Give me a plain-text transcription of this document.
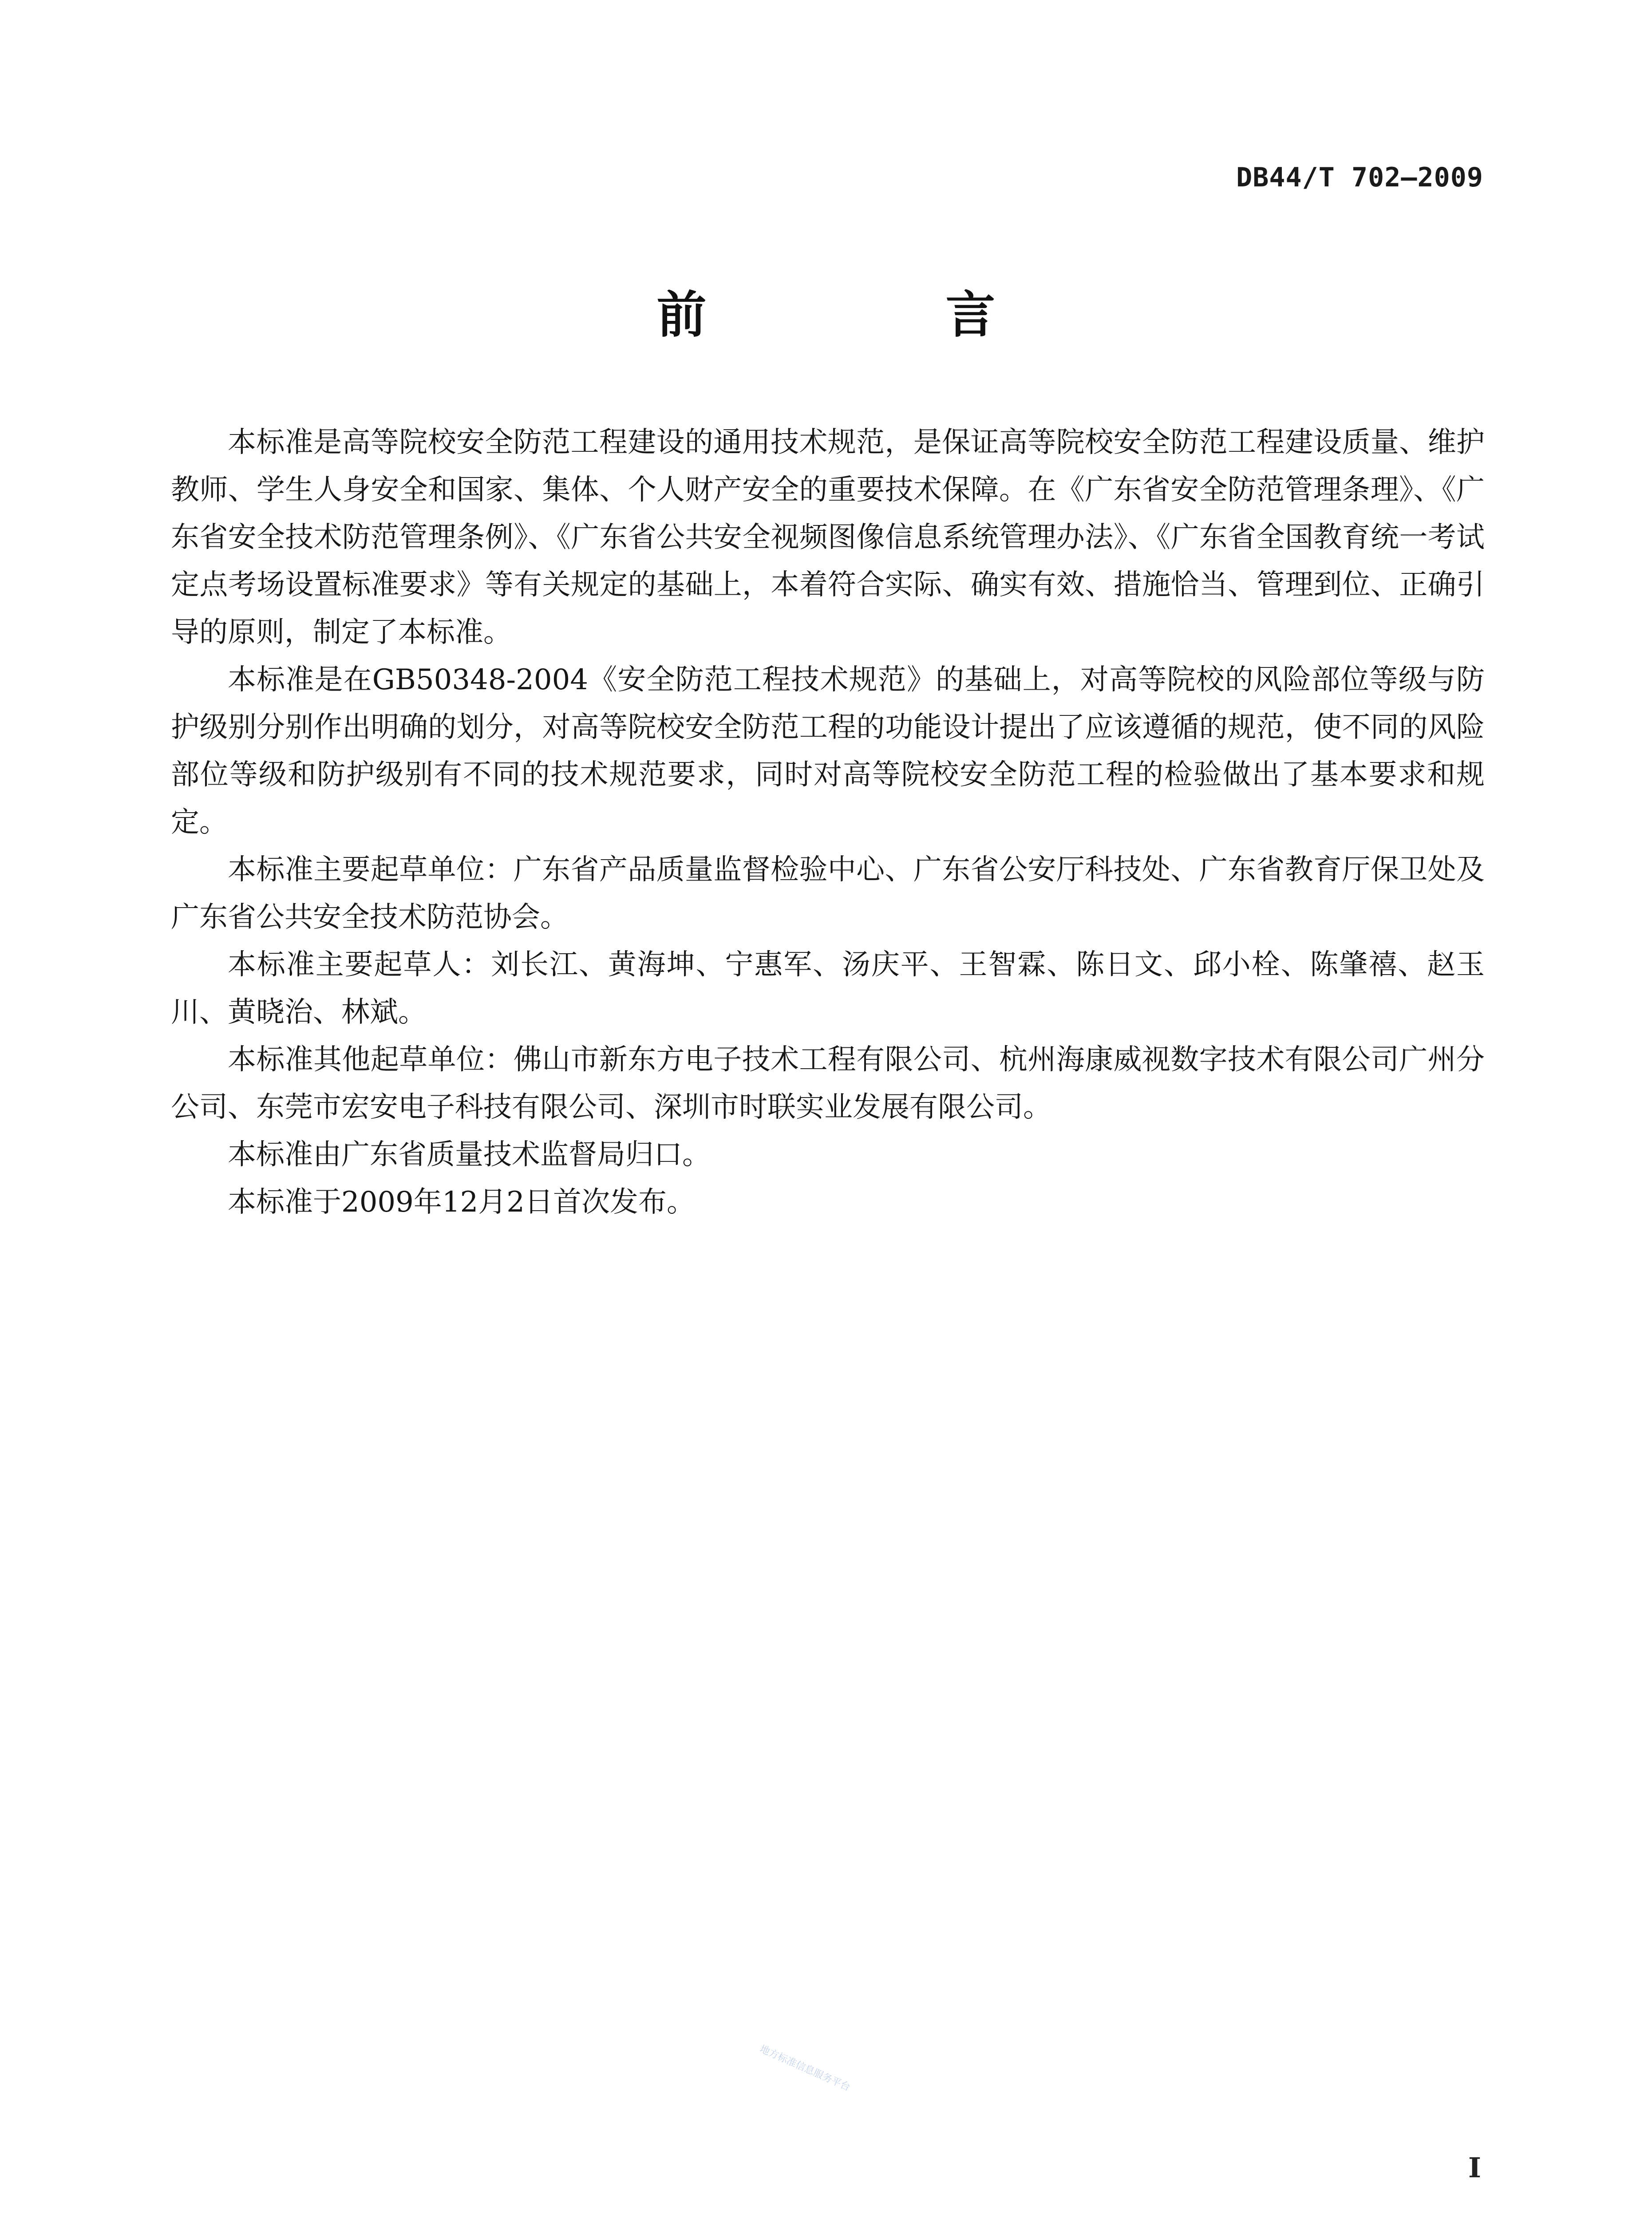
DB44/T 702—2009
前 言

本标准是高等院校安全防范工程建设的通用技术规范，是保证高等院校安全防范工程建设质量、维护教师、学生人身安全和国家、集体、个人财产安全的重要技术保障。在《广东省安全防范管理条理》、《广东省安全技术防范管理条例》、《广东省公共安全视频图像信息系统管理办法》、《广东省全国教育统一考试定点考场设置标准要求》等有关规定的基础上，本着符合实际、确实有效、措施恰当、管理到位、正确引导的原则，制定了本标准。

本标准是在GB50348-2004《安全防范工程技术规范》的基础上，对高等院校的风险部位等级与防护级别分别作出明确的划分，对高等院校安全防范工程的功能设计提出了应该遵循的规范，使不同的风险部位等级和防护级别有不同的技术规范要求，同时对高等院校安全防范工程的检验做出了基本要求和规定。

本标准主要起草单位：广东省产品质量监督检验中心、广东省公安厅科技处、广东省教育厅保卫处及广东省公共安全技术防范协会。

本标准主要起草人：刘长江、黄海坤、宁惠军、汤庆平、王智霖、陈日文、邱小栓、陈肇禧、赵玉川、黄晓治、林斌。

本标准其他起草单位：佛山市新东方电子技术工程有限公司、杭州海康威视数字技术有限公司广州分公司、东莞市宏安电子科技有限公司、深圳市时联实业发展有限公司。

本标准由广东省质量技术监督局归口。

本标准于2009年12月2日首次发布。

地方标准信息服务平台
I
